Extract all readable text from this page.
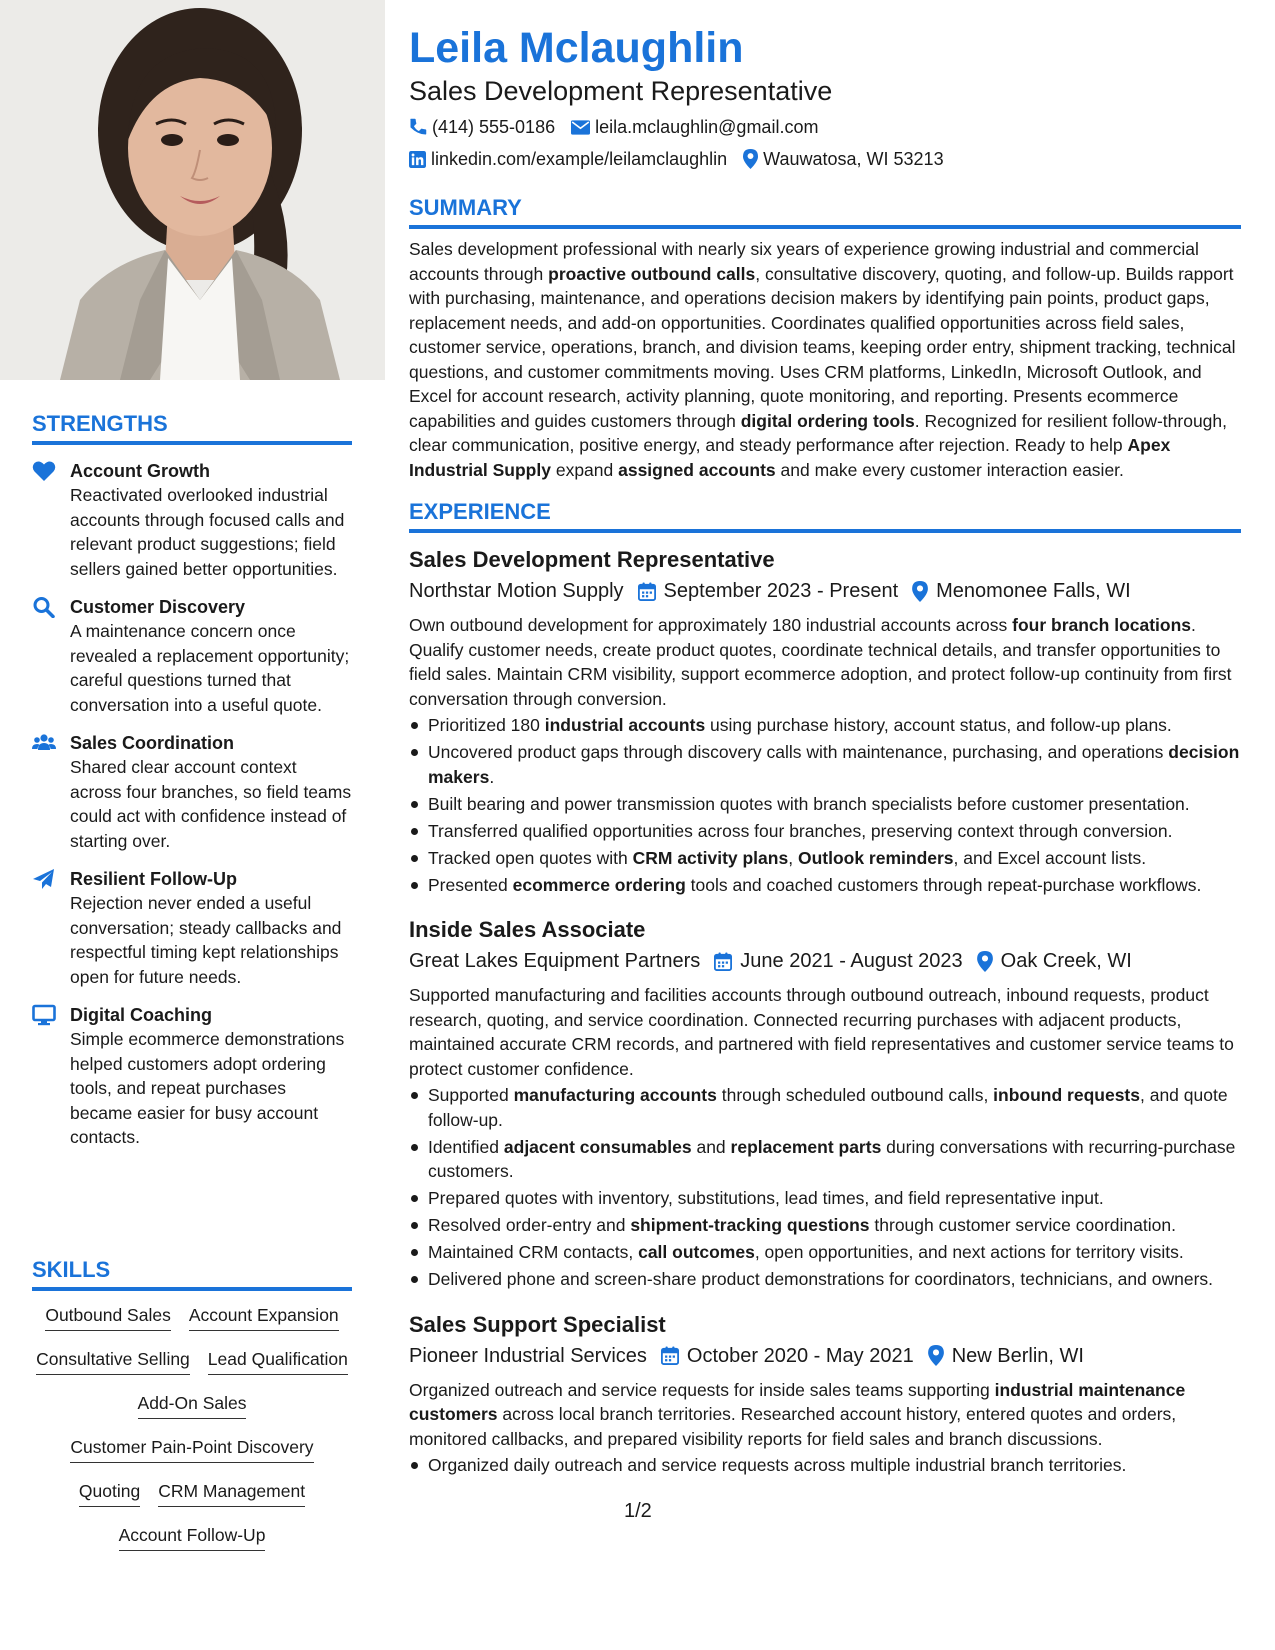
STRENGTHS
Account Growth
Reactivated overlooked industrial accounts through focused calls and relevant product suggestions; field sellers gained better opportunities.
Customer Discovery
A maintenance concern once revealed a replacement opportunity; careful questions turned that conversation into a useful quote.
Sales Coordination
Shared clear account context across four branches, so field teams could act with confidence instead of starting over.
Resilient Follow-Up
Rejection never ended a useful conversation; steady callbacks and respectful timing kept relationships open for future needs.
Digital Coaching
Simple ecommerce demonstrations helped customers adopt ordering tools, and repeat purchases became easier for busy account contacts.
SKILLS
Outbound Sales Account Expansion
Consultative Selling Lead Qualification
Add-On Sales
Customer Pain-Point Discovery
Quoting CRM Management
Account Follow-Up
Leila Mclaughlin
Sales Development Representative
(414) 555-0186 leila.mclaughlin@gmail.com
linkedin.com/example/leilamclaughlin Wauwatosa, WI 53213
SUMMARY

Sales development professional with nearly six years of experience growing industrial and commercial accounts through proactive outbound calls, consultative discovery, quoting, and follow-up. Builds rapport with purchasing, maintenance, and operations decision makers by identifying pain points, product gaps, replacement needs, and add-on opportunities. Coordinates qualified opportunities across field sales, customer service, operations, branch, and division teams, keeping order entry, shipment tracking, technical questions, and customer commitments moving. Uses CRM platforms, LinkedIn, Microsoft Outlook, and Excel for account research, activity planning, quote monitoring, and reporting. Presents ecommerce capabilities and guides customers through digital ordering tools. Recognized for resilient follow-through, clear communication, positive energy, and steady performance after rejection. Ready to help Apex Industrial Supply expand assigned accounts and make every customer interaction easier.

EXPERIENCE
Sales Development Representative
Northstar Motion Supply September 2023 - Present Menomonee Falls, WI

Own outbound development for approximately 180 industrial accounts across four branch locations. Qualify customer needs, create product quotes, coordinate technical details, and transfer opportunities to field sales. Maintain CRM visibility, support ecommerce adoption, and protect follow-up continuity from first conversation through conversion.

Prioritized 180 industrial accounts using purchase history, account status, and follow-up plans.
Uncovered product gaps through discovery calls with maintenance, purchasing, and operations decision makers.
Built bearing and power transmission quotes with branch specialists before customer presentation.
Transferred qualified opportunities across four branches, preserving context through conversion.
Tracked open quotes with CRM activity plans, Outlook reminders, and Excel account lists.
Presented ecommerce ordering tools and coached customers through repeat-purchase workflows.
Inside Sales Associate
Great Lakes Equipment Partners June 2021 - August 2023 Oak Creek, WI

Supported manufacturing and facilities accounts through outbound outreach, inbound requests, product research, quoting, and service coordination. Connected recurring purchases with adjacent products, maintained accurate CRM records, and partnered with field representatives and customer service teams to protect customer confidence.

Supported manufacturing accounts through scheduled outbound calls, inbound requests, and quote follow-up.
Identified adjacent consumables and replacement parts during conversations with recurring-purchase customers.
Prepared quotes with inventory, substitutions, lead times, and field representative input.
Resolved order-entry and shipment-tracking questions through customer service coordination.
Maintained CRM contacts, call outcomes, open opportunities, and next actions for territory visits.
Delivered phone and screen-share product demonstrations for coordinators, technicians, and owners.
Sales Support Specialist
Pioneer Industrial Services October 2020 - May 2021 New Berlin, WI

Organized outreach and service requests for inside sales teams supporting industrial maintenance customers across local branch territories. Researched account history, entered quotes and orders, monitored callbacks, and prepared visibility reports for field sales and branch discussions.

Organized daily outreach and service requests across multiple industrial branch territories.
1/2
